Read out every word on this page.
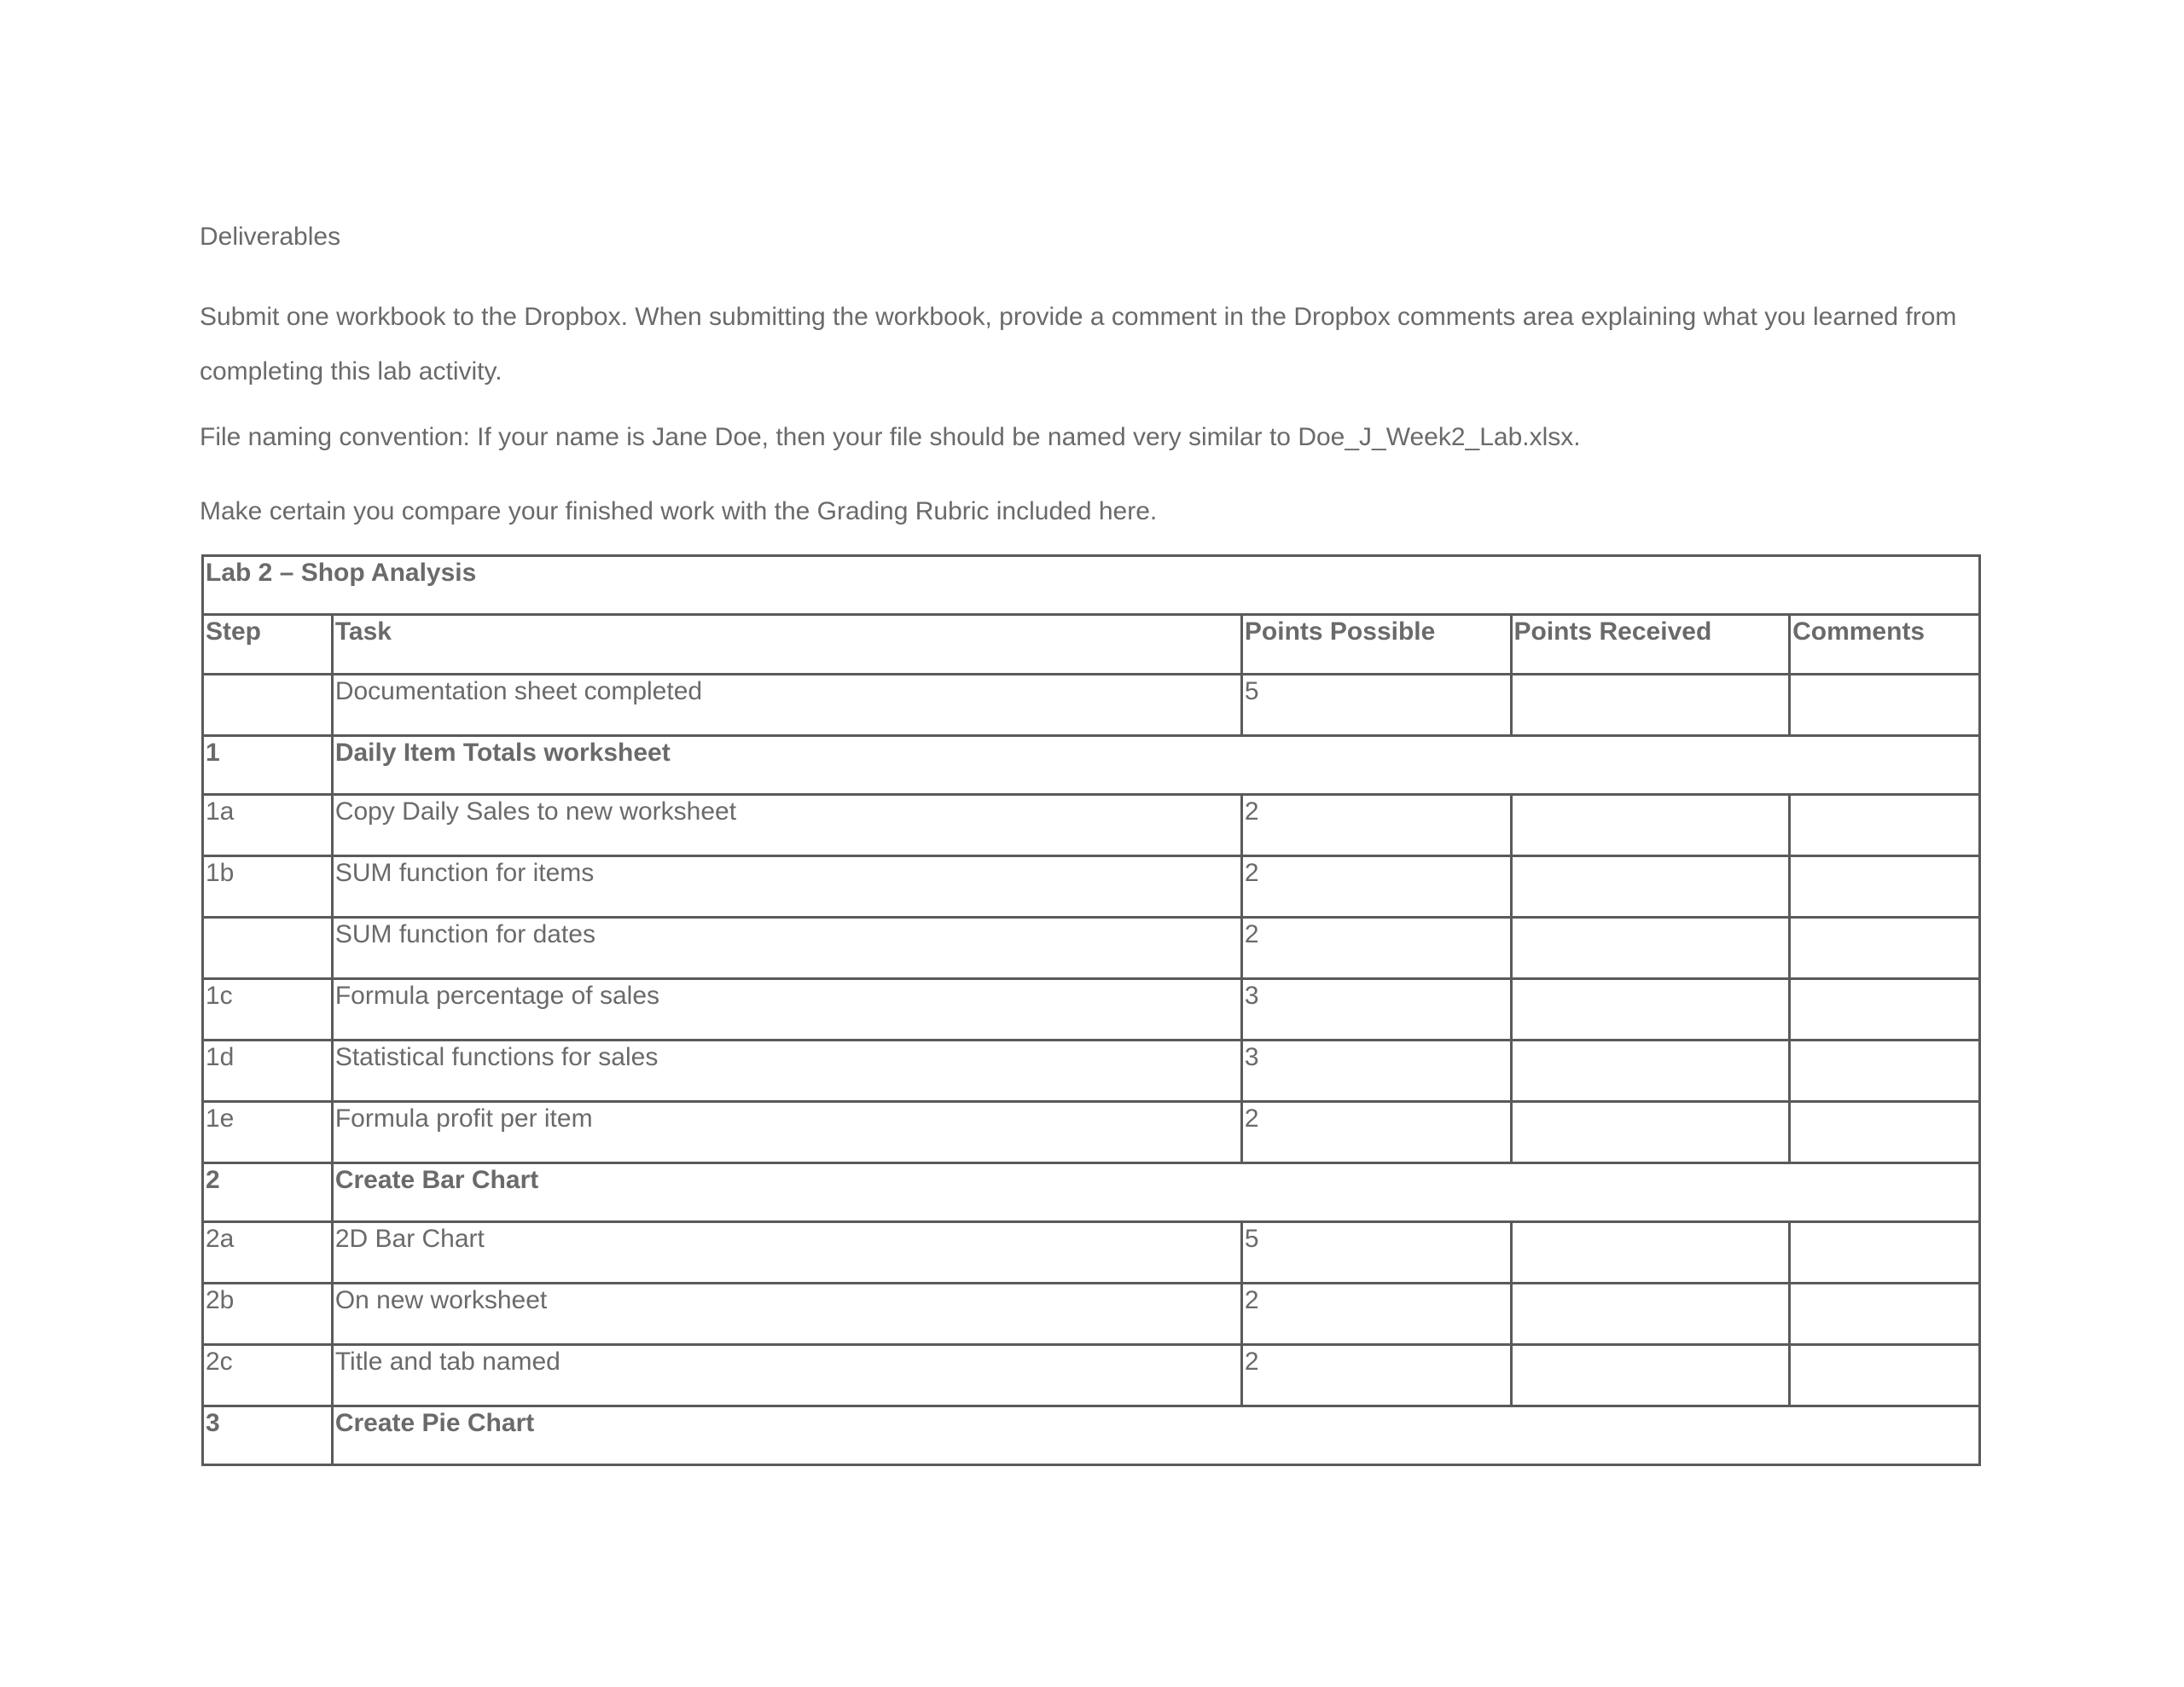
Deliverables

Submit one workbook to the Dropbox. When submitting the workbook, provide a comment in the Dropbox comments area explaining what you learned from completing this lab activity.

File naming convention: If your name is Jane Doe, then your file should be named very similar to Doe_J_Week2_Lab.xlsx.

Make certain you compare your finished work with the Grading Rubric included here.

Lab 2 – Shop Analysis				
Step	Task	Points Possible	Points Received	Comments
	Documentation sheet completed	5		
1	Daily Item Totals worksheet			
1a	Copy Daily Sales to new worksheet	2		
1b	SUM function for items	2		
	SUM function for dates	2		
1c	Formula percentage of sales	3		
1d	Statistical functions for sales	3		
1e	Formula profit per item	2		
2	Create Bar Chart			
2a	2D Bar Chart	5		
2b	On new worksheet	2		
2c	Title and tab named	2		
3	Create Pie Chart			
